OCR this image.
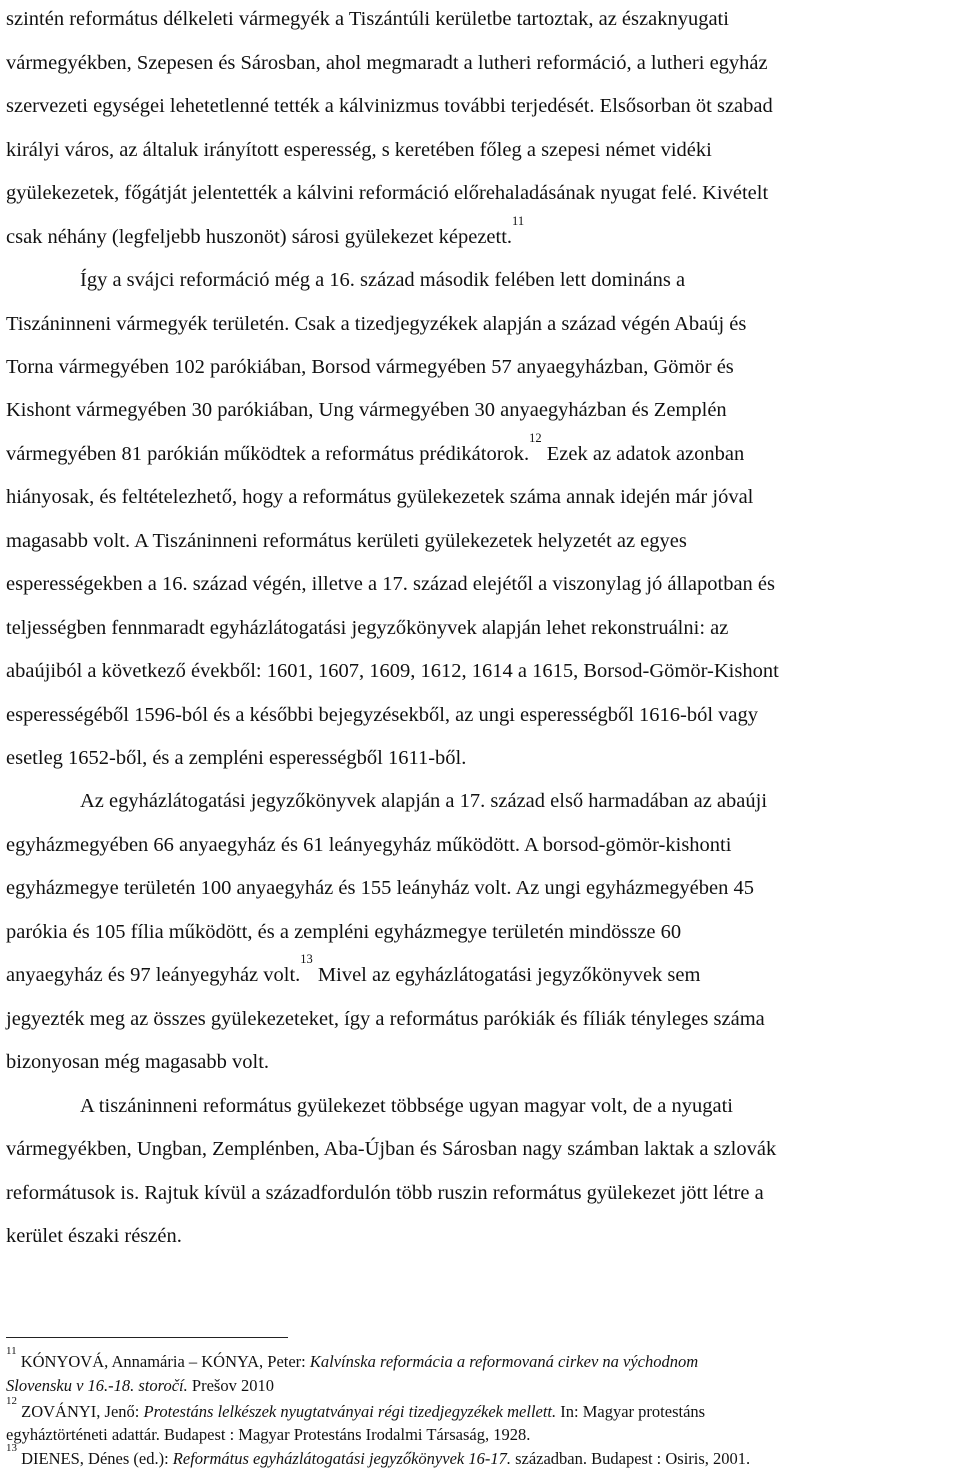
szintén református délkeleti vármegyék a Tiszántúli kerületbe tartoztak, az északnyugati
vármegyékben, Szepesen és Sárosban, ahol megmaradt a lutheri reformáció, a lutheri egyház
szervezeti egységei lehetetlenné tették a kálvinizmus további terjedését. Elsősorban öt szabad
királyi város, az általuk irányított esperesség, s keretében főleg a szepesi német vidéki
gyülekezetek, főgátját jelentették a kálvini reformáció előrehaladásának nyugat felé. Kivételt
csak néhány (legfeljebb huszonöt) sárosi gyülekezet képezett.$^{11}$
Így a svájci reformáció még a 16. század második felében lett domináns a
Tiszáninneni vármegyék területén. Csak a tizedjegyzékek alapján a század végén Abaúj és
Torna vármegyében 102 parókiában, Borsod vármegyében 57 anyaegyházban, Gömör és
Kishont vármegyében 30 parókiában, Ung vármegyében 30 anyaegyházban és Zemplén
vármegyében 81 parókián működtek a református prédikátorok.$^{12}$ Ezek az adatok azonban
hiányosak, és feltételezhető, hogy a református gyülekezetek száma annak idején már jóval
magasabb volt. A Tiszáninneni református kerületi gyülekezetek helyzetét az egyes
esperességekben a 16. század végén, illetve a 17. század elejétől a viszonylag jó állapotban és
teljességben fennmaradt egyházlátogatási jegyzőkönyvek alapján lehet rekonstruálni: az
abaújiból a következő évekből: 1601, 1607, 1609, 1612, 1614 a 1615, Borsod-Gömör-Kishont
esperességéből 1596-ból és a későbbi bejegyzésekből, az ungi esperességből 1616-ból vagy
esetleg 1652-ből, és a zempléni esperességből 1611-ből.
Az egyházlátogatási jegyzőkönyvek alapján a 17. század első harmadában az abaúji
egyházmegyében 66 anyaegyház és 61 leányegyház működött. A borsod-gömör-kishonti
egyházmegye területén 100 anyaegyház és 155 leányház volt. Az ungi egyházmegyében 45
parókia és 105 fília működött, és a zempléni egyházmegye területén mindössze 60
anyaegyház és 97 leányegyház volt.$^{13}$ Mivel az egyházlátogatási jegyzőkönyvek sem
jegyezték meg az összes gyülekezeteket, így a református parókiák és fíliák tényleges száma
bizonyosan még magasabb volt.
A tiszáninneni református gyülekezet többsége ugyan magyar volt, de a nyugati
vármegyékben, Ungban, Zemplénben, Aba-Újban és Sárosban nagy számban laktak a szlovák
reformátusok is. Rajtuk kívül a századfordulón több ruszin református gyülekezet jött létre a
kerület északi részén.
$^{11}$ KÓNYOVÁ, Annamária – KÓNYA, Peter: Kalvínska reformácia a reformovaná cirkev na východnom
Slovensku v 16.-18. storočí. Prešov 2010
$^{12}$ ZOVÁNYI, Jenő: Protestáns lelkészek nyugtatványai régi tizedjegyzékek mellett. In: Magyar protestáns
egyháztörténeti adattár. Budapest : Magyar Protestáns Irodalmi Társaság, 1928.
$^{13}$ DIENES, Dénes (ed.): Református egyházlátogatási jegyzőkönyvek 16-17. században. Budapest : Osiris, 2001.
